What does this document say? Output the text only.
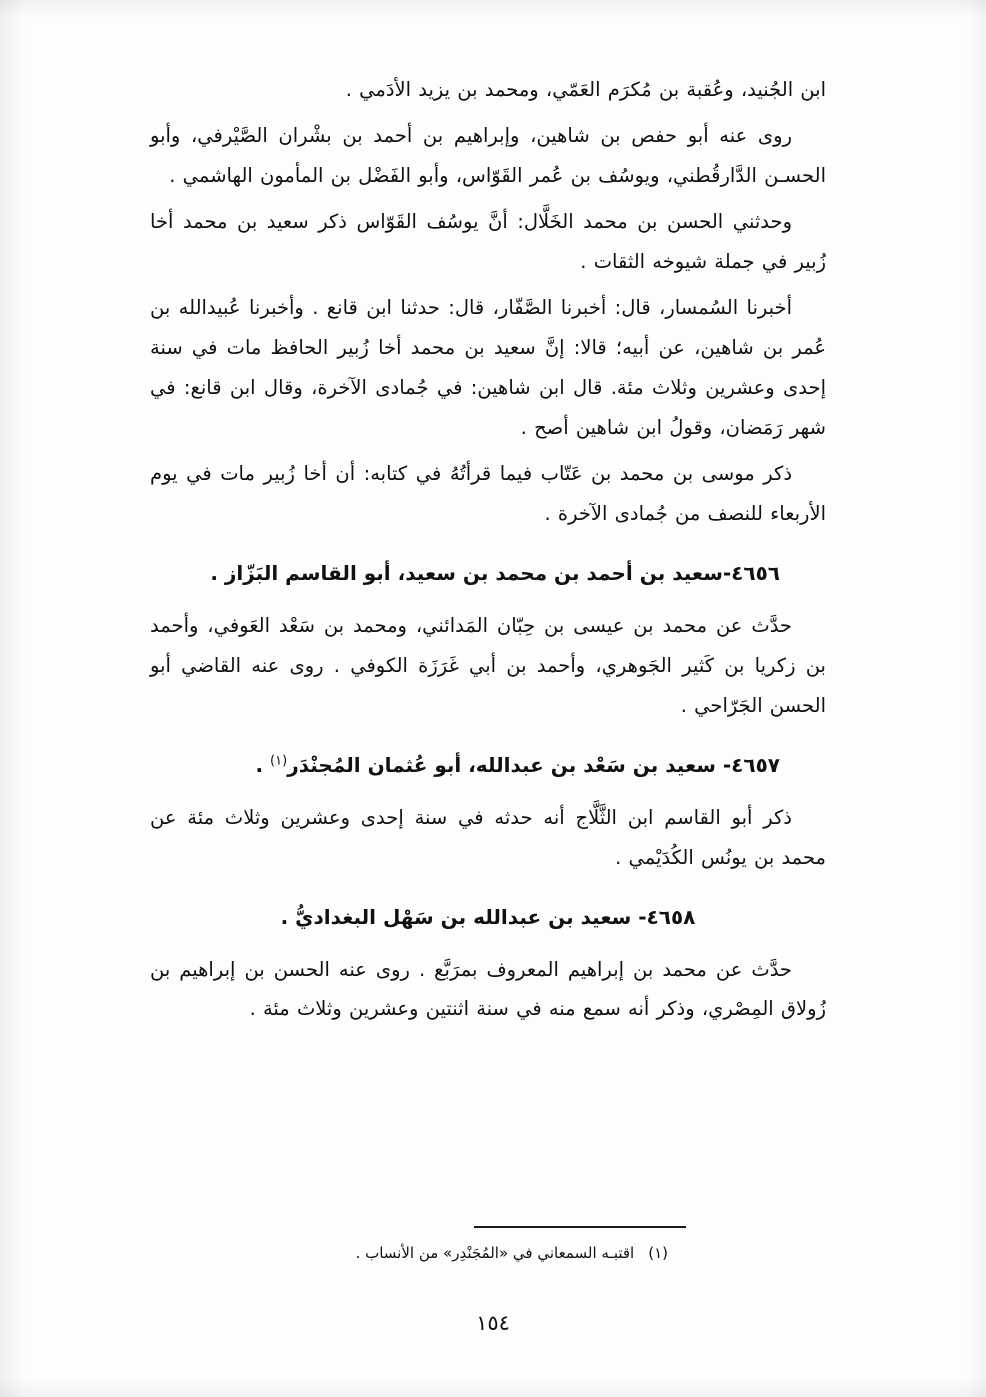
ابن الجُنيد، وعُقبة بن مُكرَم العَمّي، ومحمد بن يزيد الأدَمي .

روى عنه أبو حفص بن شاهين، وإبراهيم بن أحمد بن بشْران الصَّيْرفي، وأبو الحسـن الدَّارقُطني، ويوسُف بن عُمر القَوّاس، وأبو الفَضْل بن المأمون الهاشمي .

وحدثني الحسن بن محمد الخَلَّال: أنَّ يوسُف القَوّاس ذكر سعيد بن محمد أخا زُبير في جملة شيوخه الثقات .

أخبرنا السُمسار، قال: أخبرنا الصَّفّار، قال: حدثنا ابن قانع . وأخبرنا عُبيدالله بن عُمر بن شاهين، عن أبيه؛ قالا: إنَّ سعيد بن محمد أخا زُبير الحافظ مات في سنة إحدى وعشرين وثلاث مئة. قال ابن شاهين: في جُمادى الآخرة، وقال ابن قانع: في شهر رَمَضان، وقولُ ابن شاهين أصح .

ذكر موسى بن محمد بن عَتّاب فيما قرأتُهُ في كتابه: أن أخا زُبير مات في يوم الأربعاء للنصف من جُمادى الآخرة .

٤٦٥٦-سعيد بن أحمد بن محمد بن سعيد، أبو القاسم البَزّاز .

حدَّث عن محمد بن عيسى بن حِبّان المَدائني، ومحمد بن سَعْد العَوفي، وأحمد بن زكريا بن كَثير الجَوهري، وأحمد بن أبي غَرَزَة الكوفي . روى عنه القاضي أبو الحسن الجَرّاحي .

٤٦٥٧- سعيد بن سَعْد بن عبدالله، أبو عُثمان المُجنْدَر$^{(١)}$ .

ذكر أبو القاسم ابن الثَّلَّاج أنه حدثه في سنة إحدى وعشرين وثلاث مئة عن محمد بن يونُس الكُدَيْمي .

٤٦٥٨- سعيد بن عبدالله بن سَهْل البغداديُّ .

حدَّث عن محمد بن إبراهيم المعروف بمرَبَّع . روى عنه الحسن بن إبراهيم بن زُولاق المِصْري، وذكر أنه سمع منه في سنة اثنتين وعشرين وثلاث مئة .

(١)اقتبـه السمعاني في «المُجَنْدِر» من الأنساب .

١٥٤
